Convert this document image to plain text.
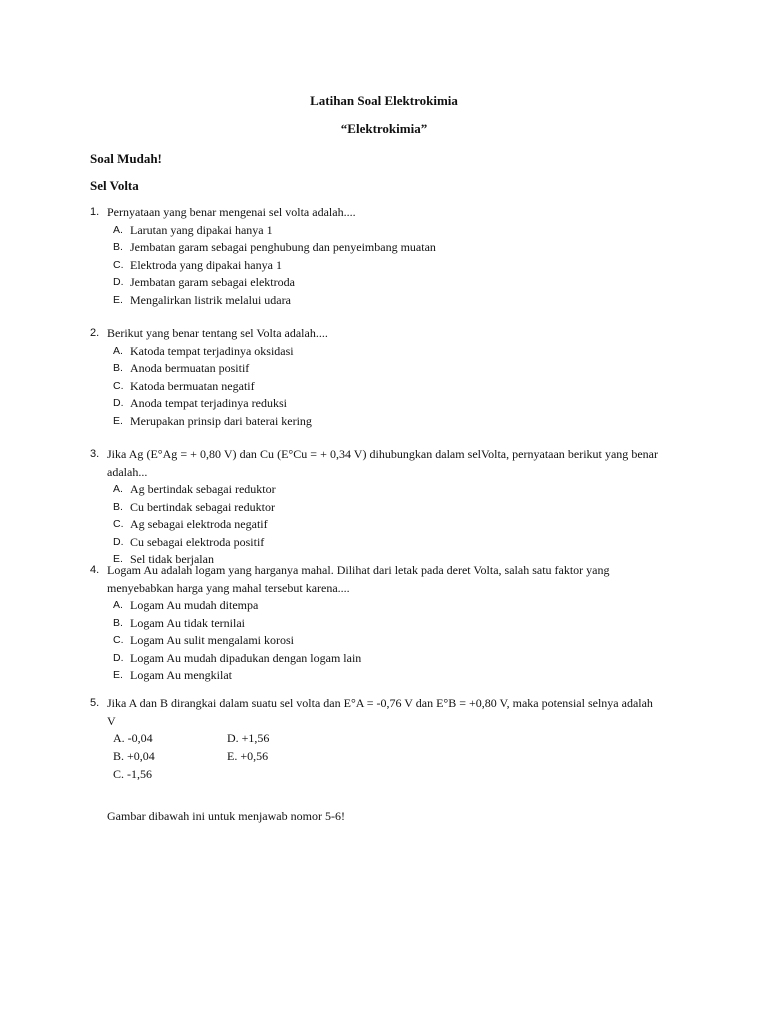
Latihan Soal Elektrokimia
“Elektrokimia”
Soal Mudah!
Sel Volta
1. Pernyataan yang benar mengenai sel volta adalah....
A. Larutan yang dipakai hanya 1
B. Jembatan garam sebagai penghubung dan penyeimbang muatan
C. Elektroda yang dipakai hanya 1
D. Jembatan garam sebagai elektroda
E. Mengalirkan listrik melalui udara
2. Berikut yang benar tentang sel Volta adalah....
A. Katoda tempat terjadinya oksidasi
B. Anoda bermuatan positif
C. Katoda bermuatan negatif
D. Anoda tempat terjadinya reduksi
E. Merupakan prinsip dari baterai kering
3. Jika Ag (E°Ag = + 0,80 V) dan Cu (E°Cu = + 0,34 V) dihubungkan dalam selVolta, pernyataan berikut yang benar adalah...
A. Ag bertindak sebagai reduktor
B. Cu bertindak sebagai reduktor
C. Ag sebagai elektroda negatif
D. Cu sebagai elektroda positif
E. Sel tidak berjalan
4. Logam Au adalah logam yang harganya mahal. Dilihat dari letak pada deret Volta, salah satu faktor yang menyebabkan harga yang mahal tersebut karena....
A. Logam Au mudah ditempa
B. Logam Au tidak ternilai
C. Logam Au sulit mengalami korosi
D. Logam Au mudah dipadukan dengan logam lain
E. Logam Au mengkilat
5. Jika A dan B dirangkai dalam suatu sel volta dan E°A = -0,76 V dan E°B = +0,80 V, maka potensial selnya adalah V
A. -0,04
B. +0,04
C. -1,56
D. +1,56
E. +0,56
Gambar dibawah ini untuk menjawab nomor 5-6!
